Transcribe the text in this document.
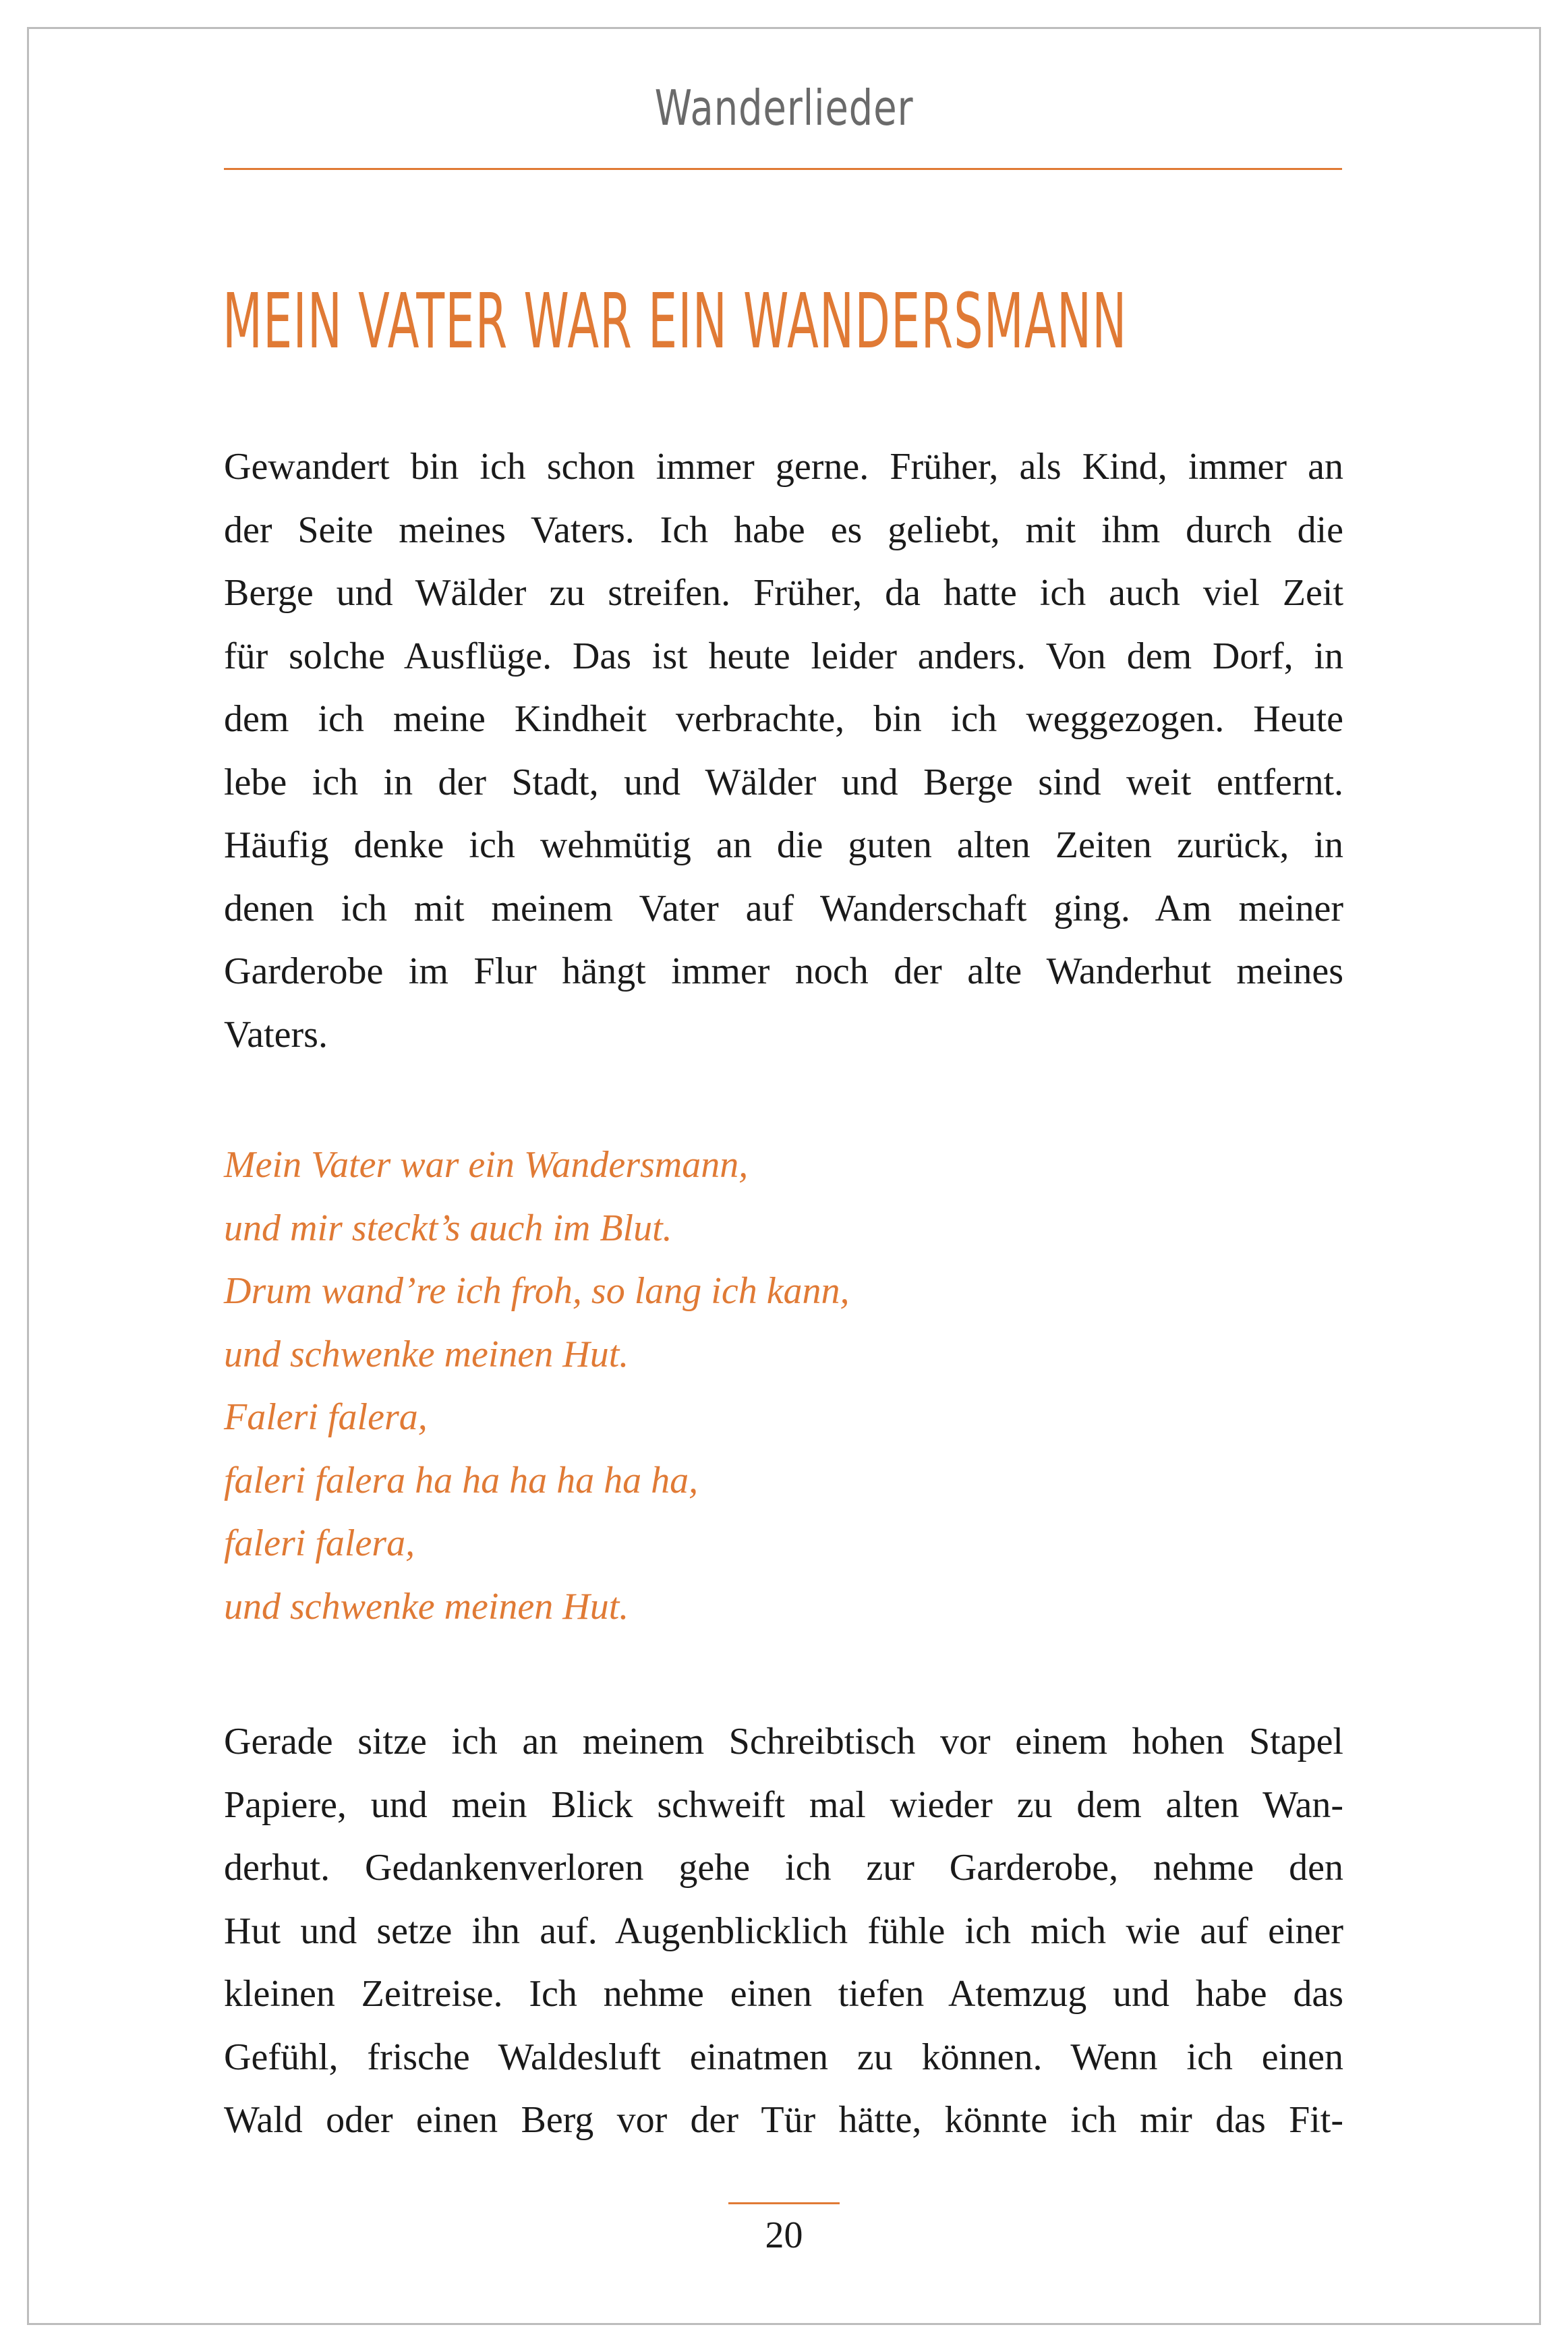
Wanderlieder
MEIN VATER WAR EIN WANDERSMANN
Gewandert bin ich schon immer gerne. Früher, als Kind, immer an
der Seite meines Vaters. Ich habe es geliebt, mit ihm durch die
Berge und Wälder zu streifen. Früher, da hatte ich auch viel Zeit
für solche Ausflüge. Das ist heute leider anders. Von dem Dorf, in
dem ich meine Kindheit verbrachte, bin ich weggezogen. Heute
lebe ich in der Stadt, und Wälder und Berge sind weit entfernt.
Häufig denke ich wehmütig an die guten alten Zeiten zurück, in
denen ich mit meinem Vater auf Wanderschaft ging. Am meiner
Garderobe im Flur hängt immer noch der alte Wanderhut meines
Vaters.
Mein Vater war ein Wandersmann,
und mir steckt’s auch im Blut.
Drum wand’re ich froh, so lang ich kann,
und schwenke meinen Hut.
Faleri falera,
faleri falera ha ha ha ha ha ha,
faleri falera,
und schwenke meinen Hut.
Gerade sitze ich an meinem Schreibtisch vor einem hohen Stapel
Papiere, und mein Blick schweift mal wieder zu dem alten Wan-
derhut. Gedankenverloren gehe ich zur Garderobe, nehme den
Hut und setze ihn auf. Augenblicklich fühle ich mich wie auf einer
kleinen Zeitreise. Ich nehme einen tiefen Atemzug und habe das
Gefühl, frische Waldesluft einatmen zu können. Wenn ich einen
Wald oder einen Berg vor der Tür hätte, könnte ich mir das Fit-
20
